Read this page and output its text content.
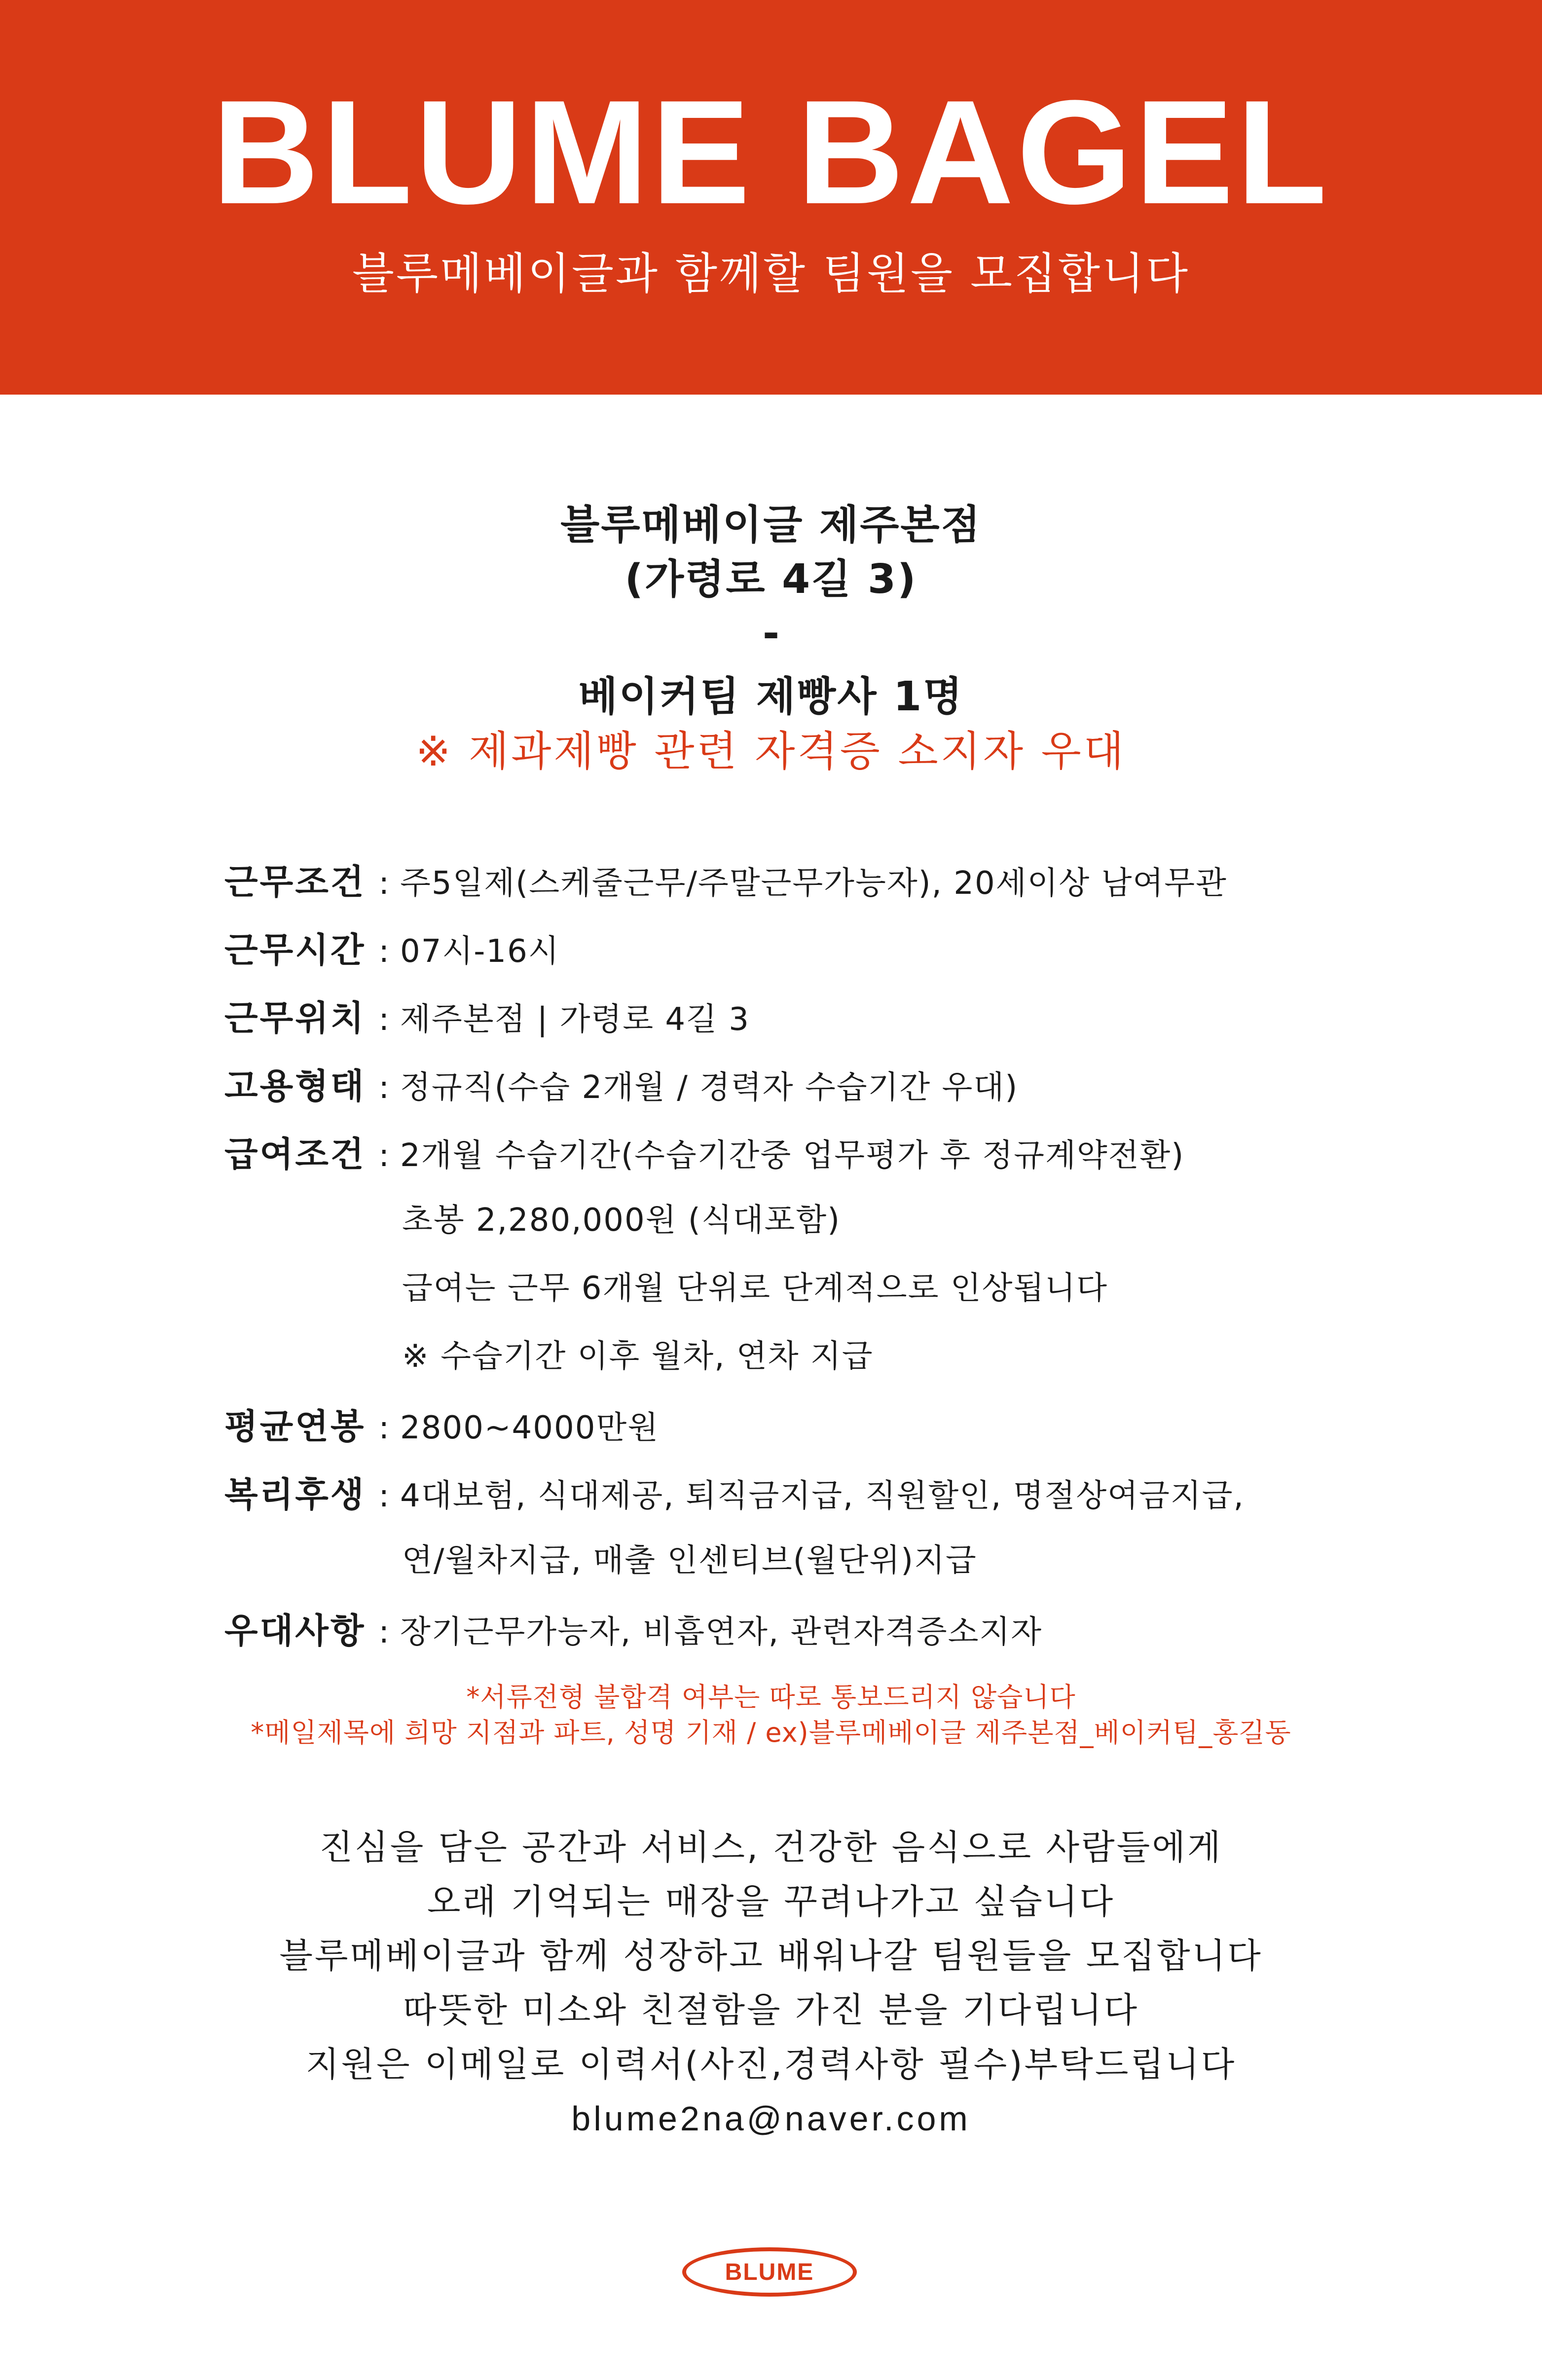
BLUME BAGEL
블루메베이글과 함께할 팀원을 모집합니다
블루메베이글 제주본점
(가령로 4길 3)
-
베이커팀 제빵사 1명
※ 제과제빵 관련 자격증 소지자 우대
근무조건 : 주5일제(스케줄근무/주말근무가능자), 20세이상 남여무관
근무시간 : 07시-16시
근무위치 : 제주본점 | 가령로 4길 3
고용형태 : 정규직(수습 2개월 / 경력자 수습기간 우대)
급여조건 : 2개월 수습기간(수습기간중 업무평가 후 정규계약전환)
초봉 2,280,000원 (식대포함)
급여는 근무 6개월 단위로 단계적으로 인상됩니다
※ 수습기간 이후 월차, 연차 지급
평균연봉 : 2800~4000만원
복리후생 : 4대보험, 식대제공, 퇴직금지급, 직원할인, 명절상여금지급,
연/월차지급, 매출 인센티브(월단위)지급
우대사항 : 장기근무가능자, 비흡연자, 관련자격증소지자
*서류전형 불합격 여부는 따로 통보드리지 않습니다
*메일제목에 희망 지점과 파트, 성명 기재 / ex)블루메베이글 제주본점_베이커팀_홍길동
진심을 담은 공간과 서비스, 건강한 음식으로 사람들에게
오래 기억되는 매장을 꾸려나가고 싶습니다
블루메베이글과 함께 성장하고 배워나갈 팀원들을 모집합니다
따뜻한 미소와 친절함을 가진 분을 기다립니다
지원은 이메일로 이력서(사진,경력사항 필수)부탁드립니다
blume2na@naver.com
BLUME
